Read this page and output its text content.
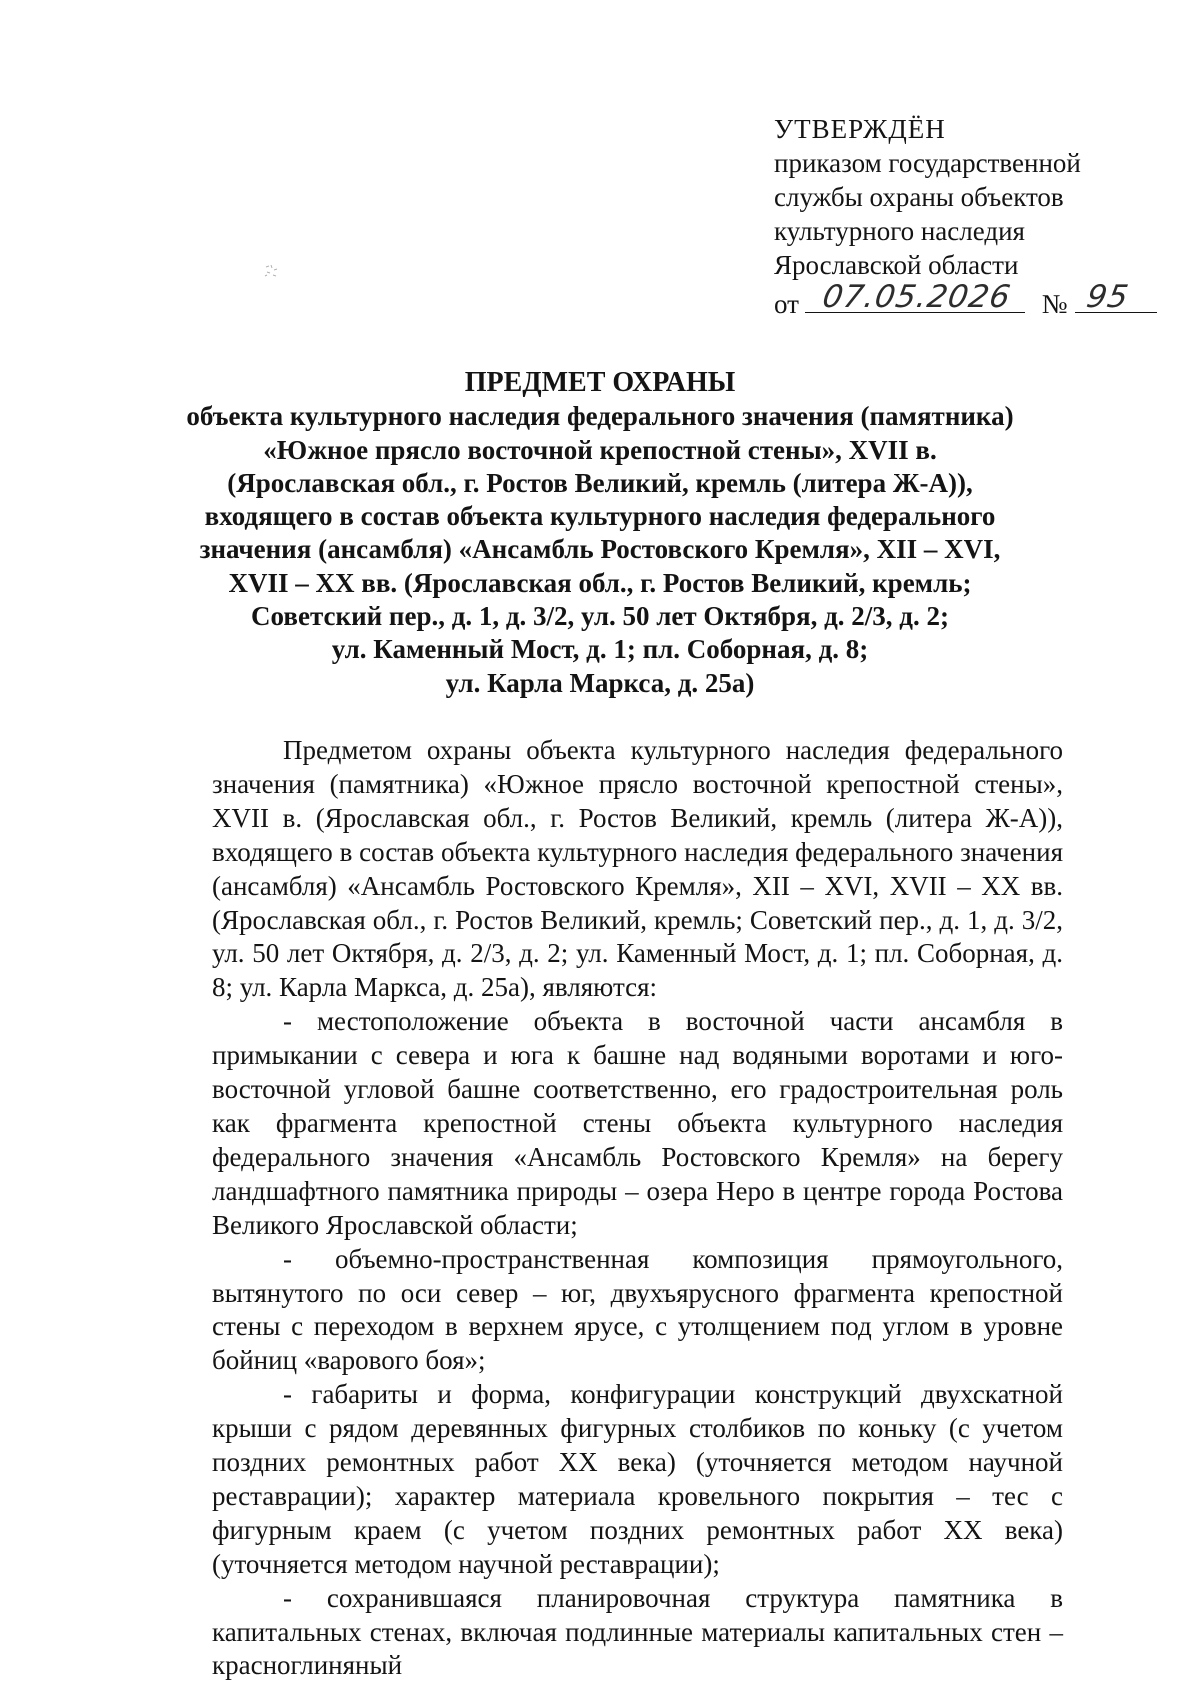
УТВЕРЖДЁН
приказом государственной
службы охраны объектов
культурного наследия
Ярославской области
от 07.05.2026 № 95
ПРЕДМЕТ ОХРАНЫ
объекта культурного наследия федерального значения (памятника)
«Южное прясло восточной крепостной стены», XVII в.
(Ярославская обл., г. Ростов Великий, кремль (литера Ж-А)),
входящего в состав объекта культурного наследия федерального
значения (ансамбля) «Ансамбль Ростовского Кремля», XII – XVI,
XVII – XX вв. (Ярославская обл., г. Ростов Великий, кремль;
Советский пер., д. 1, д. 3/2, ул. 50 лет Октября, д. 2/3, д. 2;
ул. Каменный Мост, д. 1; пл. Соборная, д. 8;
ул. Карла Маркса, д. 25а)

Предметом охраны объекта культурного наследия федерального значения (памятника) «Южное прясло восточной крепостной стены», XVII в. (Ярославская обл., г. Ростов Великий, кремль (литера Ж-А)), входящего в состав объекта культурного наследия федерального значения (ансамбля) «Ансамбль Ростовского Кремля», XII – XVI, XVII – XX вв. (Ярославская обл., г. Ростов Великий, кремль; Советский пер., д. 1, д. 3/2, ул. 50 лет Октября, д. 2/3, д. 2; ул. Каменный Мост, д. 1; пл. Соборная, д. 8; ул. Карла Маркса, д. 25а), являются:

- местоположение объекта в восточной части ансамбля в примыкании с севера и юга к башне над водяными воротами и юго-восточной угловой башне соответственно, его градостроительная роль как фрагмента крепостной стены объекта культурного наследия федерального значения «Ансамбль Ростовского Кремля» на берегу ландшафтного памятника природы – озера Неро в центре города Ростова Великого Ярославской области;

- объемно-пространственная композиция прямоугольного, вытянутого по оси север – юг, двухъярусного фрагмента крепостной стены с переходом в верхнем ярусе, с утолщением под углом в уровне бойниц «варового боя»;

- габариты и форма, конфигурации конструкций двухскатной крыши с рядом деревянных фигурных столбиков по коньку (с учетом поздних ремонтных работ XX века) (уточняется методом научной реставрации); характер материала кровельного покрытия – тес с фигурным краем (с учетом поздних ремонтных работ XX века) (уточняется методом научной реставрации);

- сохранившаяся планировочная структура памятника в капитальных стенах, включая подлинные материалы капитальных стен – красноглиняный
